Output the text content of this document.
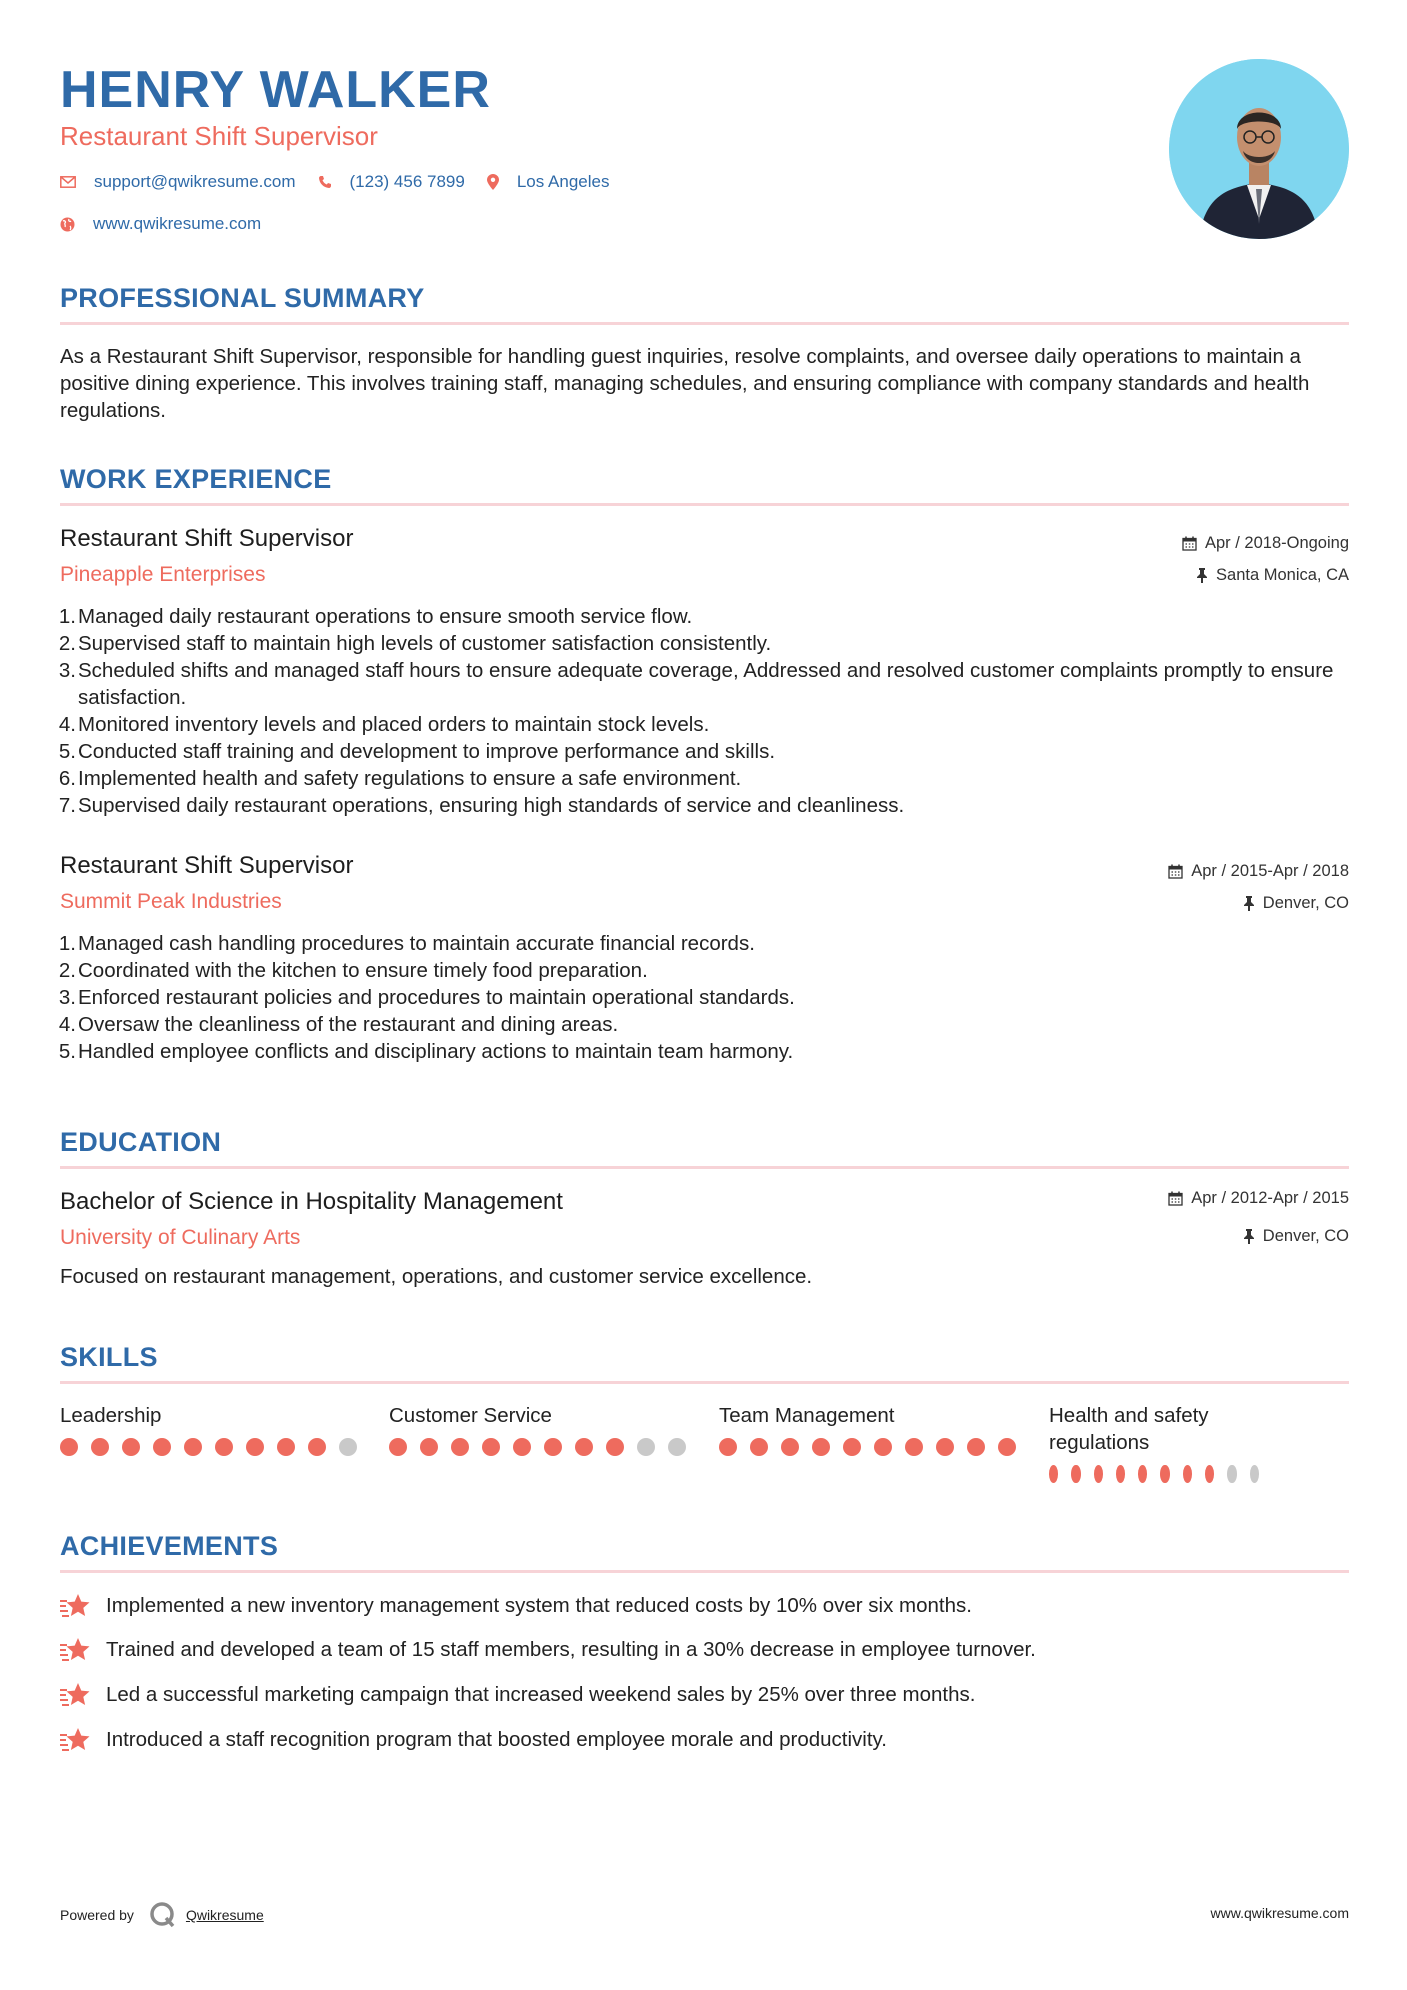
HENRY WALKER
Restaurant Shift Supervisor
support@qwikresume.com	(123) 456 7899	Los Angeles
www.qwikresume.com
PROFESSIONAL SUMMARY
As a Restaurant Shift Supervisor, responsible for handling guest inquiries, resolve complaints, and oversee daily operations to maintain a positive dining experience. This involves training staff, managing schedules, and ensuring compliance with company standards and health regulations.
WORK EXPERIENCE
Restaurant Shift Supervisor
Pineapple Enterprises
Apr / 2018-Ongoing
Santa Monica, CA
1. Managed daily restaurant operations to ensure smooth service flow.
2. Supervised staff to maintain high levels of customer satisfaction consistently.
3. Scheduled shifts and managed staff hours to ensure adequate coverage, Addressed and resolved customer complaints promptly to ensure satisfaction.
4. Monitored inventory levels and placed orders to maintain stock levels.
5. Conducted staff training and development to improve performance and skills.
6. Implemented health and safety regulations to ensure a safe environment.
7. Supervised daily restaurant operations, ensuring high standards of service and cleanliness.
Restaurant Shift Supervisor
Summit Peak Industries
Apr / 2015-Apr / 2018
Denver, CO
1. Managed cash handling procedures to maintain accurate financial records.
2. Coordinated with the kitchen to ensure timely food preparation.
3. Enforced restaurant policies and procedures to maintain operational standards.
4. Oversaw the cleanliness of the restaurant and dining areas.
5. Handled employee conflicts and disciplinary actions to maintain team harmony.
EDUCATION
Bachelor of Science in Hospitality Management
University of Culinary Arts
Apr / 2012-Apr / 2015
Denver, CO
Focused on restaurant management, operations, and customer service excellence.
SKILLS
Leadership	Customer Service	Team Management	Health and safety regulations
ACHIEVEMENTS
Implemented a new inventory management system that reduced costs by 10% over six months.
Trained and developed a team of 15 staff members, resulting in a 30% decrease in employee turnover.
Led a successful marketing campaign that increased weekend sales by 25% over three months.
Introduced a staff recognition program that boosted employee morale and productivity.
Powered by	Qwikresume	www.qwikresume.com
